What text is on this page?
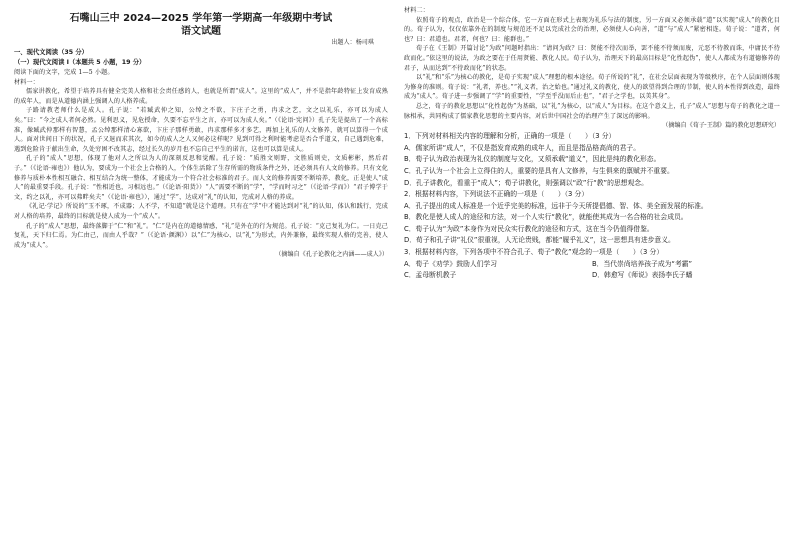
石嘴山三中 2024—2025 学年第一学期高一年级期中考试
语文试题
出题人：杨司琪
一、现代文阅读（35 分）
（一）现代文阅读 I（本题共 5 小题，19 分）

阅读下面的文字，完成 1—5 小题。

材料一：

儒家讲教化，希望于培养具有健全完美人格和社会责任感的人，也就是所谓“成人”。这里的“成人”，并不是指年龄特征上发育成熟的成年人，而是从道德内涵上强调人的人格养成。

子路请教老师什么是成人。孔子说：“若臧武仲之知，公绰之不欲，卞庄子之勇，冉求之艺，文之以礼乐，亦可以为成人矣。”曰：“今之成人者何必然。见利思义，见危授命，久要不忘平生之言，亦可以为成人矣。”（《论语·宪问》）孔子先是提出了一个高标准，像臧武仲那样有智慧，孟公绰那样清心寡欲，卞庄子那样勇敢，冉求那样多才多艺，再加上礼乐的人文修养，就可以算得一个成人。面对世间日下的状况，孔子又退而求其次，如今的成人之人又何必这样呢？见到可得之利时能考虑是否合乎道义，自己遇到危难，遇到危险肯于献出生命，久处穷困不改其志，经过长久的岁月也不忘自己平生的诺言，这也可以算是成人。

孔子的“成人”思想，体现了他对人之所以为人的深刻反思和觉醒。孔子说：“质胜文则野，文胜质则史，文质彬彬，然后君子。”（《论语·雍也》）他认为，要成为一个社会上合格的人，个体生活除了生存所需的物质条件之外，还必须具有人文的修养。只有文化修养与质朴本性相互融合、相互结合为统一整体，才能成为一个符合社会标准的君子。而人文的修养需要不断培养，教化，正是使人“成人”的最重要手段。孔子说：“性相近也，习相远也。”（《论语·阳货》）“人”需要不断的“学”，“学而时习之”（《论语·学而》）“君子博学于文，约之以礼，亦可以弗畔矣夫”（《论语·雍也》），通过“学”，达成对“礼”的认知，完成对人格的养成。

《礼记·学记》所说的“玉不琢，不成器；人不学，不知道”就是这个道理。只有在“学”中才能达到对“礼”的认知，体认和践行，完成对人格的培养，最终的目标就是使人成为一个“成人”。

孔子的“成人”思想，最终落脚于“仁”和“礼”。“仁”是内在的道德情感，“礼”是外在的行为规范。孔子说：“克己复礼为仁。一日克己复礼，天下归仁焉。为仁由己，而由人乎哉？”（《论语·颜渊》）以“仁”为核心、以“礼”为形式，内外兼修，最终实现人格的完善，使人成为“成人”。

（摘编自《孔子论教化之内涵——成人》）

材料二：

依照荀子的观点，政治是一个综合体，它一方面在形式上表现为礼乐与法的制度，另一方面又必须承载“道”以实现“成人”的教化目的。荀子认为，仅仅依靠外在的制度与规范还不足以完成社会的治理，必须使人心向善，“道”与“成人”紧密相连。荀子说：“道者，何也？曰：君道也。君者，何也？曰：能群也。”

荀子在《王制》开篇讨论“为政”问题时指出：“请问为政？曰：贤能不待次而举，罢不能不待须而废，元恶不待教而诛，中庸民不待政而化。”依这里的说法，为政之要在于任用贤能、教化人民。荀子认为，治理天下的最高目标是“化性起伪”，使人人都成为有道德修养的君子，从而达到“不待政而化”的状态。

以“礼”和“乐”为核心的教化，是荀子实现“成人”理想的根本途径。荀子所说的“礼”，在社会层面表现为等级秩序，在个人层面则体现为修身的准则。荀子说：“礼者，养也。”“礼义者，治之始也。”通过礼义的教化，使人的欲望得到合理的节制，使人的本性得到改造，最终成为“成人”。荀子进一步强调了“学”的重要性，“学至乎没而后止也”，“君子之学也，以美其身”。

总之，荀子的教化思想以“化性起伪”为基础，以“礼”为核心，以“成人”为目标。在这个意义上，孔子“成人”思想与荀子的教化之道一脉相承，共同构成了儒家教化思想的主要内容，对后世中国社会的治理产生了深远的影响。

（摘编自《荀子·王制》篇的教化思想研究）

1．下列对材料相关内容的理解和分析，正确的一项是（　　）（3 分）

A．儒家所讲“成人”，不仅是指发育成熟的成年人，而且是指品格高尚的君子。

B．荀子认为政治表现为礼仪的制度与文化，又须承载“道义”，因此是纯的教化形态。

C．孔子认为一个社会上立得住的人，重要的是具有人文修养，与生俱来的禀赋并不重要。

D．孔子讲教化，看重于“成人”；荀子讲教化，则强调以“政”行“教”的思想观念。

2．根据材料内容，下列说法不正确的一项是（　　）（3 分）

A．孔子提出的成人标准是一个近乎完美的标准，远非于今天所提倡德、智、体、美全面发展的标准。

B．教化是使人成人的途径和方法，对一个人实行“教化”，就能使其成为一名合格的社会成员。

C．荀子认为“为政”本身作为对民众实行教化的途径和方式，这在当今仍值得借鉴。

D．荀子和孔子讲“礼仪”很重视，人无论贵贱，都能“履乎礼义”，这一思想具有进步意义。

3．根据材料内容，下列各项中不符合孔子、荀子“教化”观念的一项是（　　）（3 分）

A．荀子《劝学》鼓励人们学习	B．当代崇尚培养孩子成为“考霸”
C．孟母断机教子	D．韩愈写《师说》表扬李氏子蟠
